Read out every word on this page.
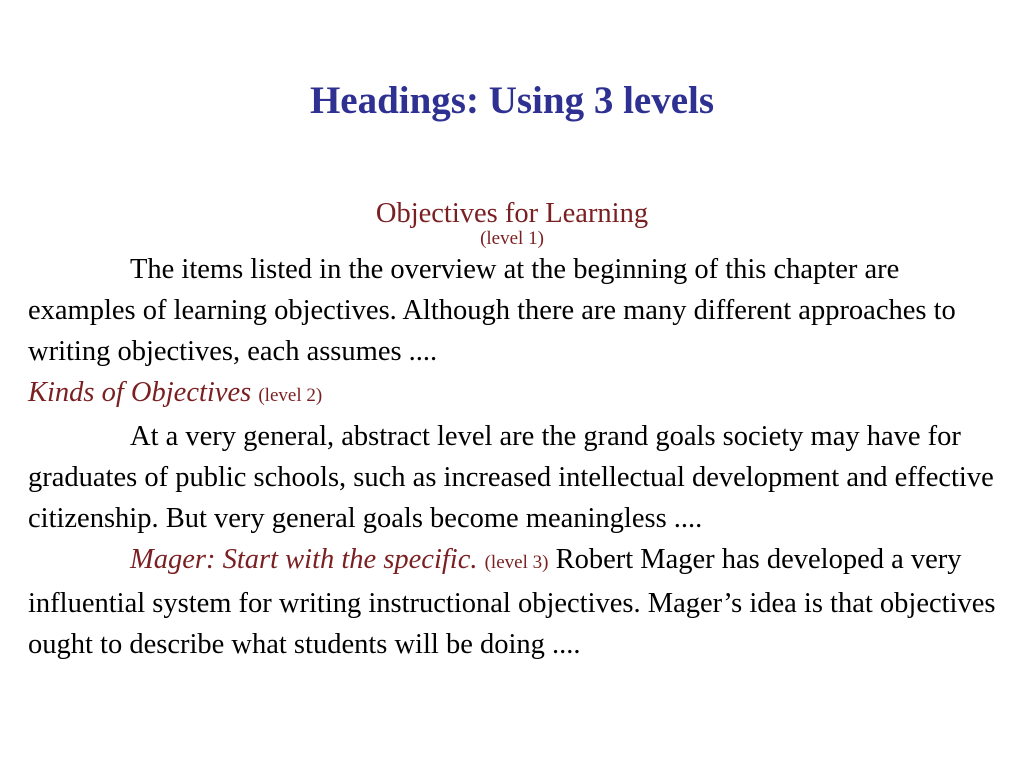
Headings: Using 3 levels
Objectives for Learning
(level 1)

The items listed in the overview at the beginning of this chapter are examples of learning objectives. Although there are many different approaches to writing objectives, each assumes ....

Kinds of Objectives (level 2)

At a very general, abstract level are the grand goals society may have for graduates of public schools, such as increased intellectual development and effective citizenship. But very general goals become meaningless ....

Mager: Start with the specific. (level 3) Robert Mager has developed a very influential system for writing instructional objectives. Mager’s idea is that objectives ought to describe what students will be doing ....
